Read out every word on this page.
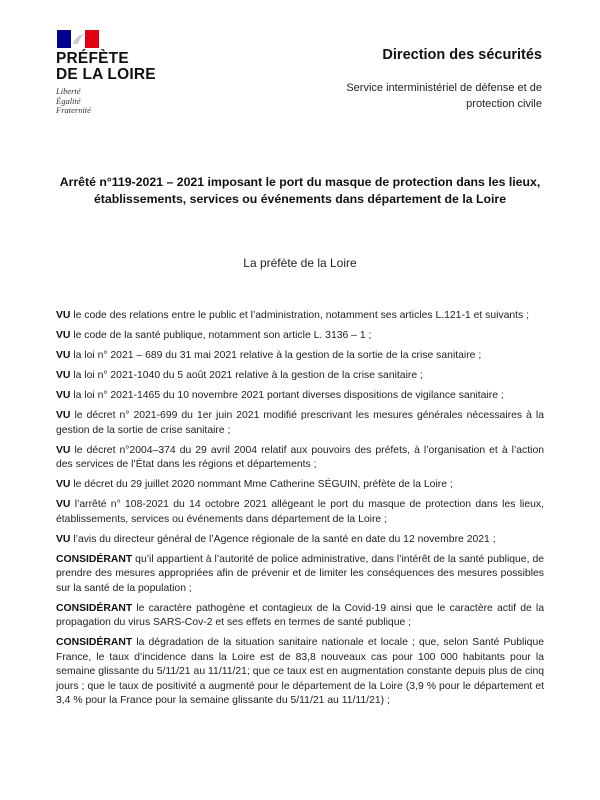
PRÉFÈTE
DE LA LOIRE
Liberté
Égalité
Fraternité
Direction des sécurités
Service interministériel de défense et de
protection civile
Arrêté n°119-2021 – 2021 imposant le port du masque de protection dans les lieux,
établissements, services ou événements dans département de la Loire
La préfète de la Loire

VU le code des relations entre le public et l’administration, notamment ses articles L.121-1 et suivants ;

VU le code de la santé publique, notamment son article L. 3136 – 1 ;

VU la loi n° 2021 – 689 du 31 mai 2021 relative à la gestion de la sortie de la crise sanitaire ;

VU la loi n° 2021-1040 du 5 août 2021 relative à la gestion de la crise sanitaire ;

VU la loi n° 2021-1465 du 10 novembre 2021 portant diverses dispositions de vigilance sanitaire ;

VU le décret n° 2021-699 du 1er juin 2021 modifié prescrivant les mesures générales nécessaires à la gestion de la sortie de crise sanitaire ;

VU le décret n°2004–374 du 29 avril 2004 relatif aux pouvoirs des préfets, à l’organisation et à l’action des services de l’État dans les régions et départements ;

VU le décret du 29 juillet 2020 nommant Mme Catherine SÉGUIN, préfète de la Loire ;

VU l’arrêté n° 108-2021 du 14 octobre 2021 allégeant le port du masque de protection dans les lieux, établissements, services ou événements dans département de la Loire ;

VU l’avis du directeur général de l’Agence régionale de la santé en date du 12 novembre 2021 ;

CONSIDÉRANT qu’il appartient à l’autorité de police administrative, dans l’intérêt de la santé publique, de prendre des mesures appropriées afin de prévenir et de limiter les conséquences des mesures possibles sur la santé de la population ;

CONSIDÉRANT le caractère pathogène et contagieux de la Covid-19 ainsi que le caractère actif de la propagation du virus SARS-Cov-2 et ses effets en termes de santé publique ;

CONSIDÉRANT la dégradation de la situation sanitaire nationale et locale ; que, selon Santé Publique France, le taux d’incidence dans la Loire est de 83,8 nouveaux cas pour 100 000 habitants pour la semaine glissante du 5/11/21 au 11/11/21; que ce taux est en augmentation constante depuis plus de cinq jours ; que le taux de positivité a augmenté pour le département de la Loire (3,9 % pour le département et 3,4 % pour la France pour la semaine glissante du 5/11/21 au 11/11/21) ;
